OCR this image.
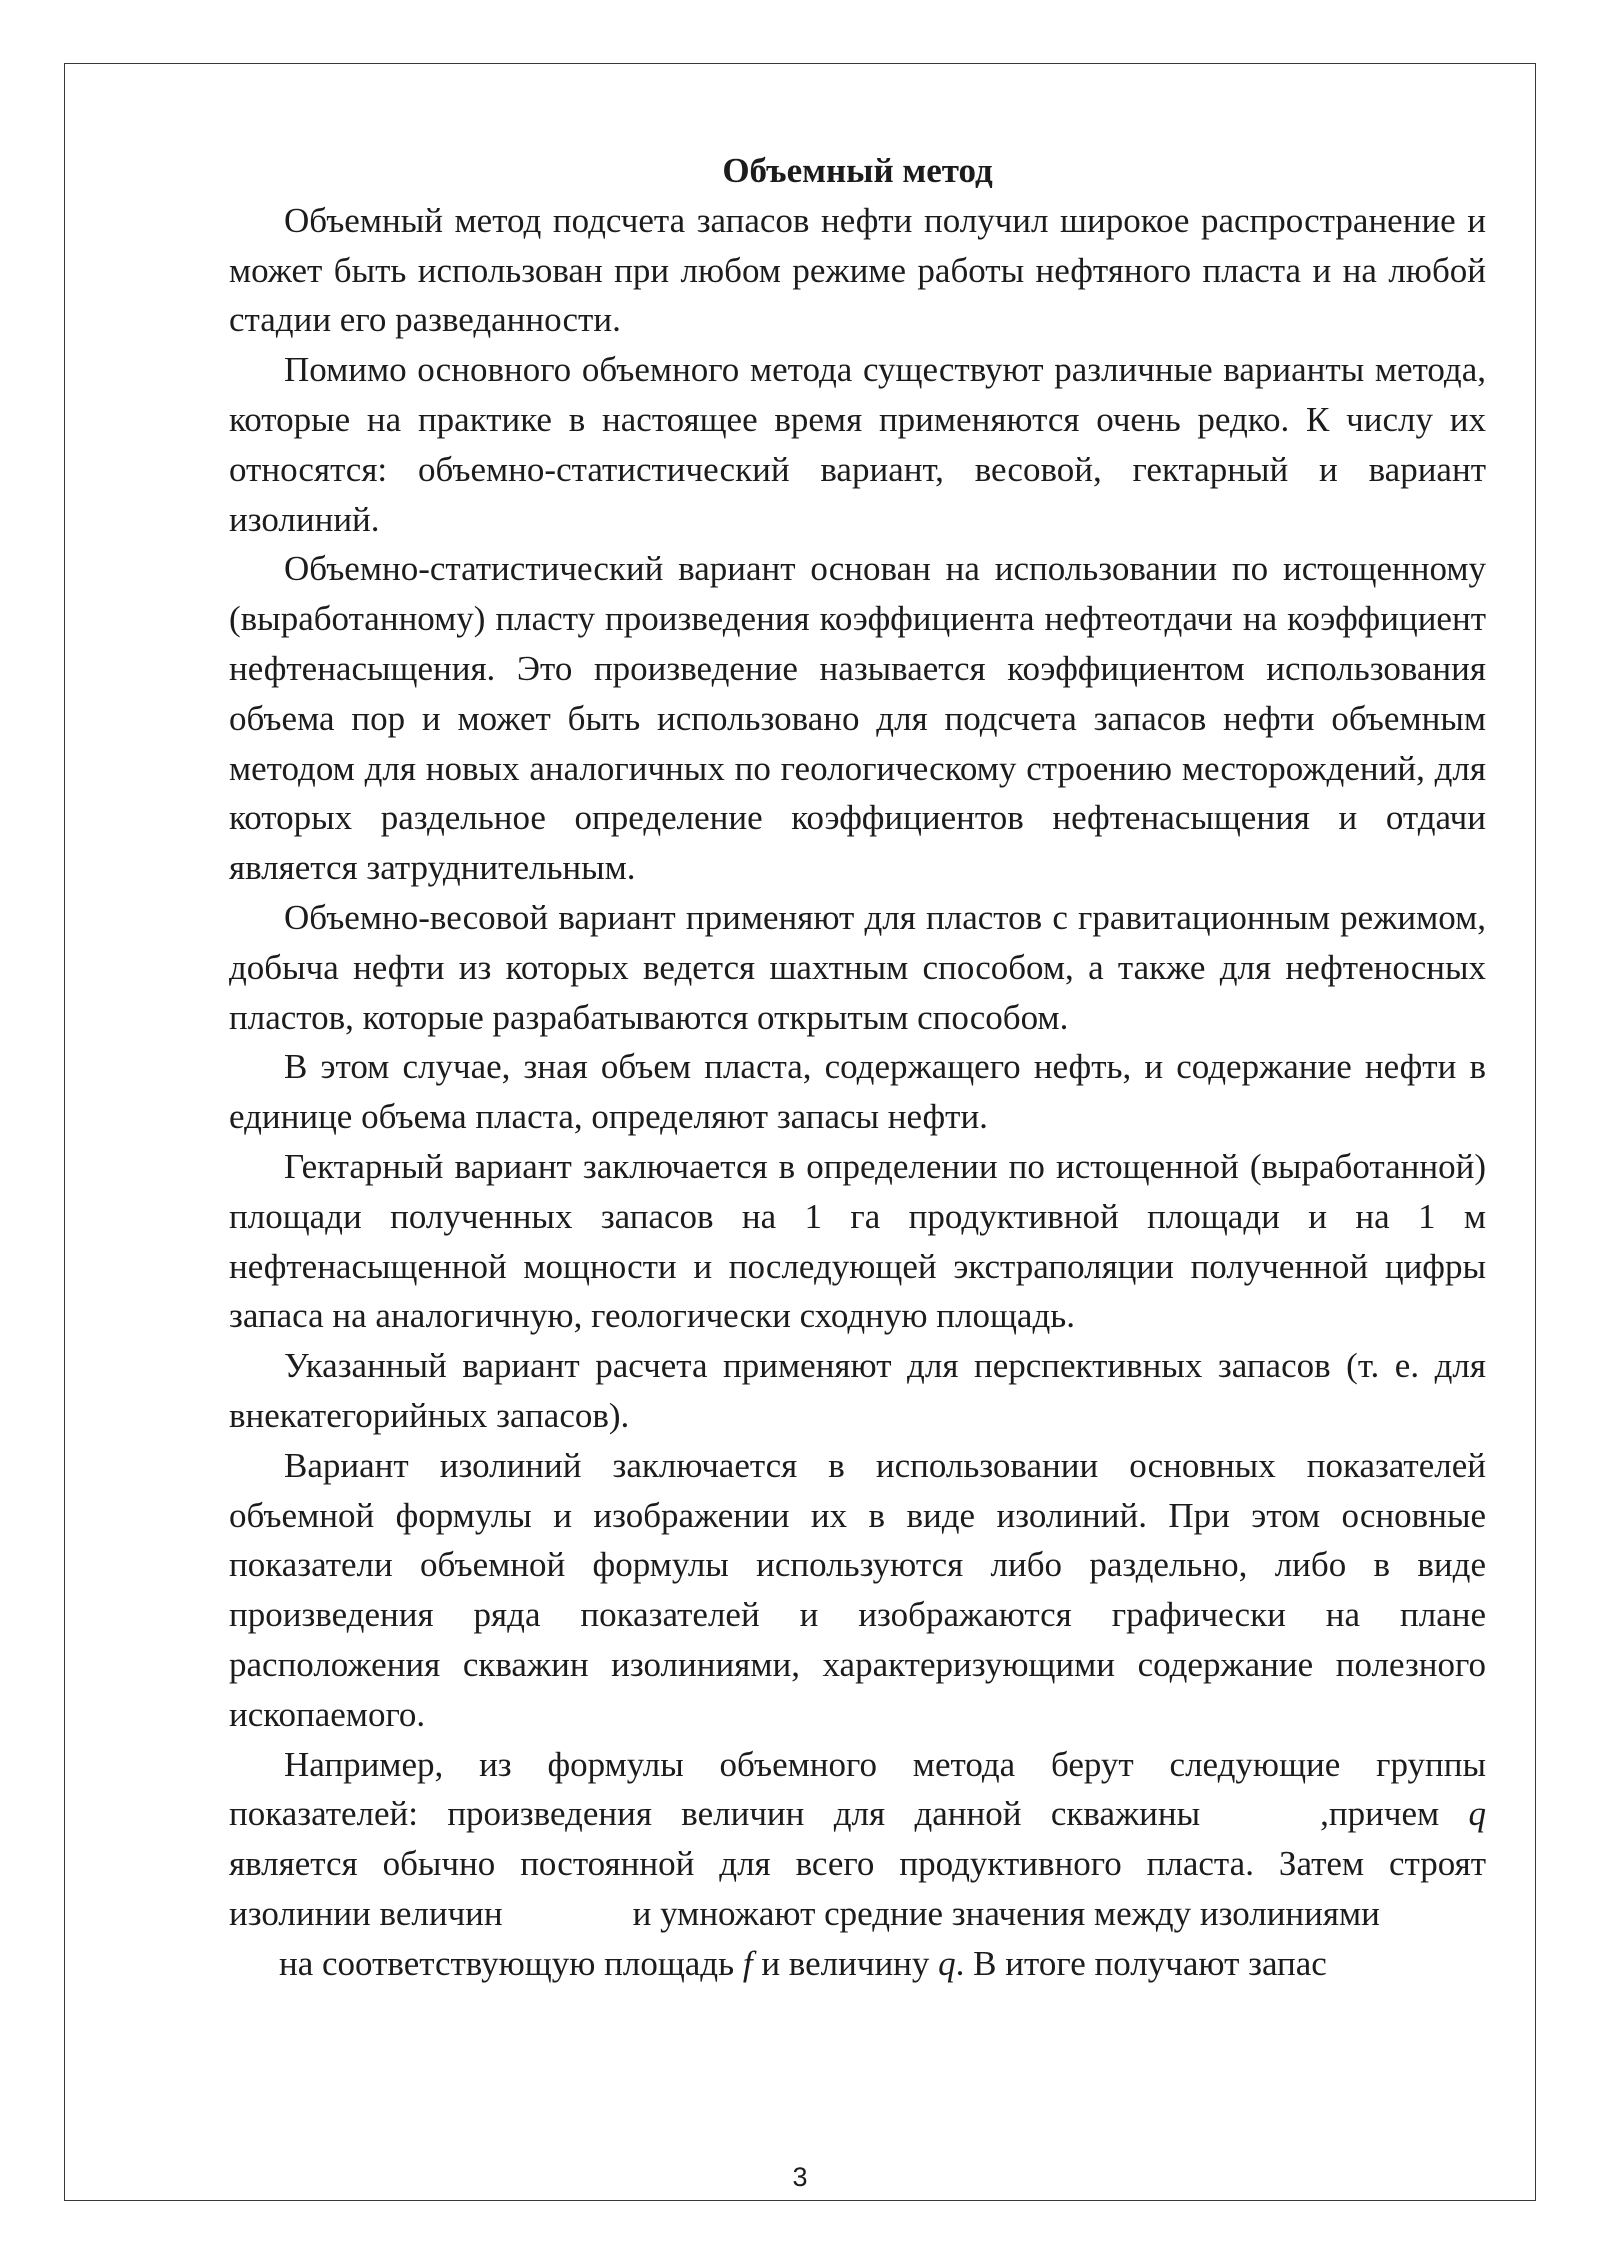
Объемный метод

Объемный метод подсчета запасов нефти получил широкое распространение и может быть использован при любом режиме работы нефтяного пласта и на любой стадии его разведанности.

Помимо основного объемного метода существуют различные варианты метода, которые на практике в настоящее время применяются очень редко. К числу их относятся: объемно-статистический вариант, весовой, гектарный и вариант изолиний.

Объемно-статистический вариант основан на использовании по истощенному (выработанному) пласту произведения коэффициента нефтеотдачи на коэффициент нефтенасыщения. Это произведение называется коэффициентом использования объема пор и может быть использовано для подсчета запасов нефти объемным методом для новых аналогичных по геологическому строению месторождений, для которых раздельное определение коэффициентов нефтенасыщения и отдачи является затруднительным.

Объемно-весовой вариант применяют для пластов с гравитационным режимом, добыча нефти из которых ведется шахтным способом, а также для нефтеносных пластов, которые разрабатываются открытым способом.

В этом случае, зная объем пласта, содержащего нефть, и содержание нефти в единице объема пласта, определяют запасы нефти.

Гектарный вариант заключается в определении по истощенной (выработанной) площади полученных запасов на 1 га продуктивной площади и на 1 м нефтенасыщенной мощности и последующей экстраполяции полученной цифры запаса на аналогичную, геологически сходную площадь.

Указанный вариант расчета применяют для перспективных запасов (т. е. для внекатегорийных запасов).

Вариант изолиний заключается в использовании основных показателей объемной формулы и изображении их в виде изолиний. При этом основные показатели объемной формулы используются либо раздельно, либо в виде произведения ряда показателей и изображаются графически на плане расположения скважин изолиниями, характеризующими содержание полезного ископаемого.

Например, из формулы объемного метода берут следующие группы показателей: произведения величин для данной скважины	,причем q является обычно постоянной для всего продуктивного пласта. Затем строят изолинии величин	и умножают средние значения между изолиниями

на соответствующую площадь f и величину q. В итоге получают запас

3
